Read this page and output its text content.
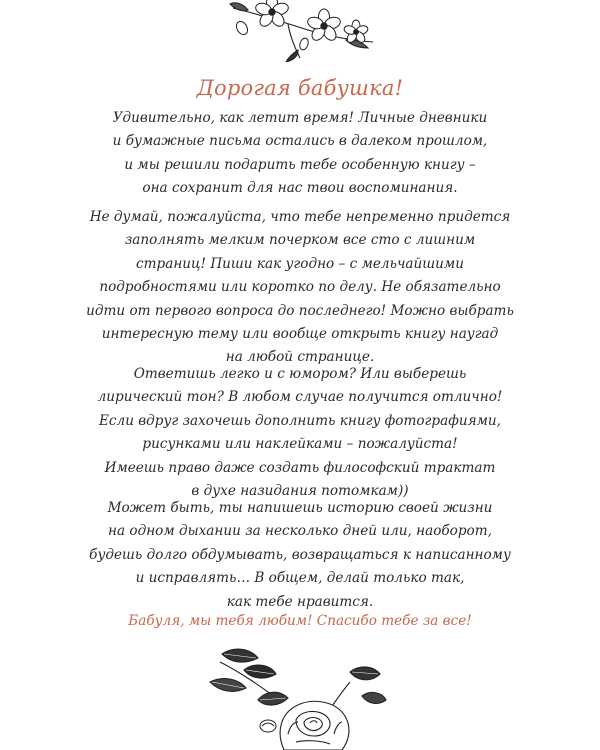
Дорогая бабушка!
Удивительно, как летит время! Личные дневники
и бумажные письма остались в далеком прошлом,
и мы решили подарить тебе особенную книгу –
она сохранит для нас твои воспоминания.
Не думай, пожалуйста, что тебе непременно придется
заполнять мелким почерком все сто с лишним
страниц! Пиши как угодно – с мельчайшими
подробностями или коротко по делу. Не обязательно
идти от первого вопроса до последнего! Можно выбрать
интересную тему или вообще открыть книгу наугад
на любой странице.
Ответишь легко и с юмором? Или выберешь
лирический тон? В любом случае получится отлично!
Если вдруг захочешь дополнить книгу фотографиями,
рисунками или наклейками – пожалуйста!
Имеешь право даже создать философский трактат
в духе назидания потомкам))
Может быть, ты напишешь историю своей жизни
на одном дыхании за несколько дней или, наоборот,
будешь долго обдумывать, возвращаться к написанному
и исправлять… В общем, делай только так,
как тебе нравится.
Бабуля, мы тебя любим! Спасибо тебе за все!
